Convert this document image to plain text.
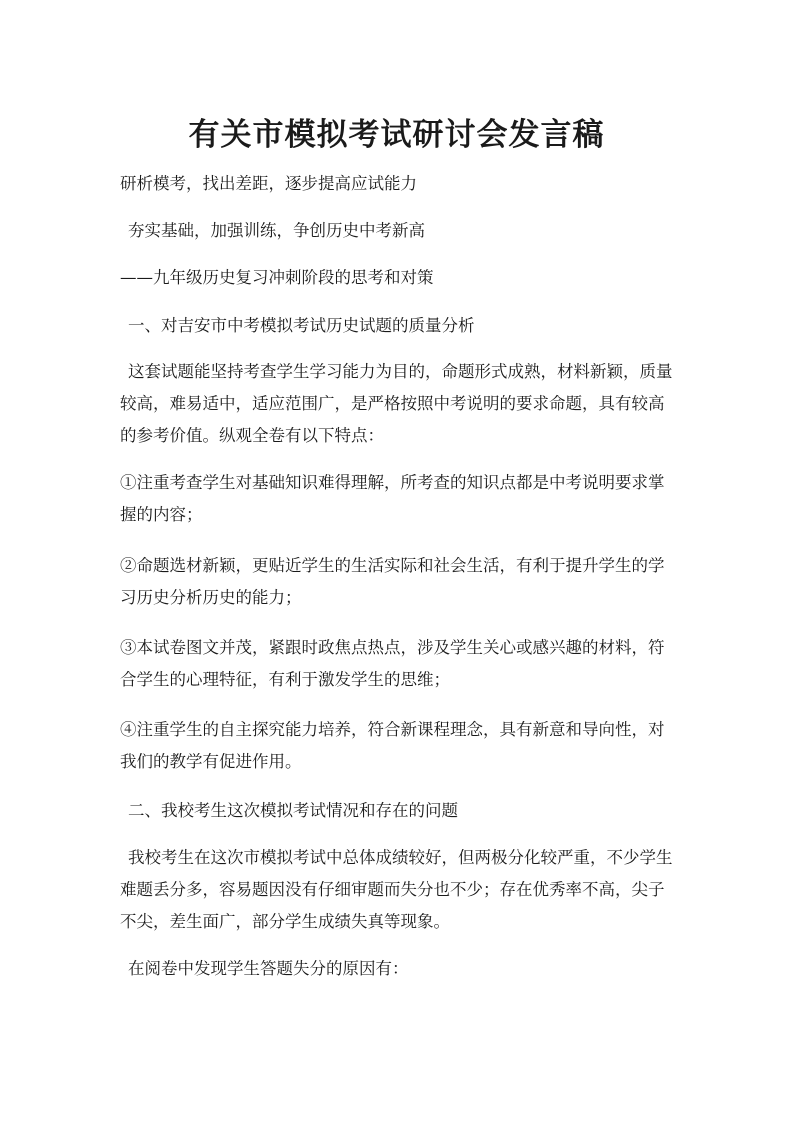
有关市模拟考试研讨会发言稿

研析模考，找出差距，逐步提高应试能力

夯实基础，加强训练，争创历史中考新高

——九年级历史复习冲刺阶段的思考和对策

一、对吉安市中考模拟考试历史试题的质量分析

这套试题能坚持考查学生学习能力为目的，命题形式成熟，材料新颖，质量较高，难易适中，适应范围广，是严格按照中考说明的要求命题，具有较高的参考价值。纵观全卷有以下特点：

①注重考查学生对基础知识难得理解，所考查的知识点都是中考说明要求掌握的内容；

②命题选材新颖，更贴近学生的生活实际和社会生活，有利于提升学生的学习历史分析历史的能力；

③本试卷图文并茂，紧跟时政焦点热点，涉及学生关心或感兴趣的材料，符合学生的心理特征，有利于激发学生的思维；

④注重学生的自主探究能力培养，符合新课程理念，具有新意和导向性，对我们的教学有促进作用。

二、我校考生这次模拟考试情况和存在的问题

我校考生在这次市模拟考试中总体成绩较好，但两极分化较严重，不少学生难题丢分多，容易题因没有仔细审题而失分也不少；存在优秀率不高，尖子不尖，差生面广，部分学生成绩失真等现象。

在阅卷中发现学生答题失分的原因有：
